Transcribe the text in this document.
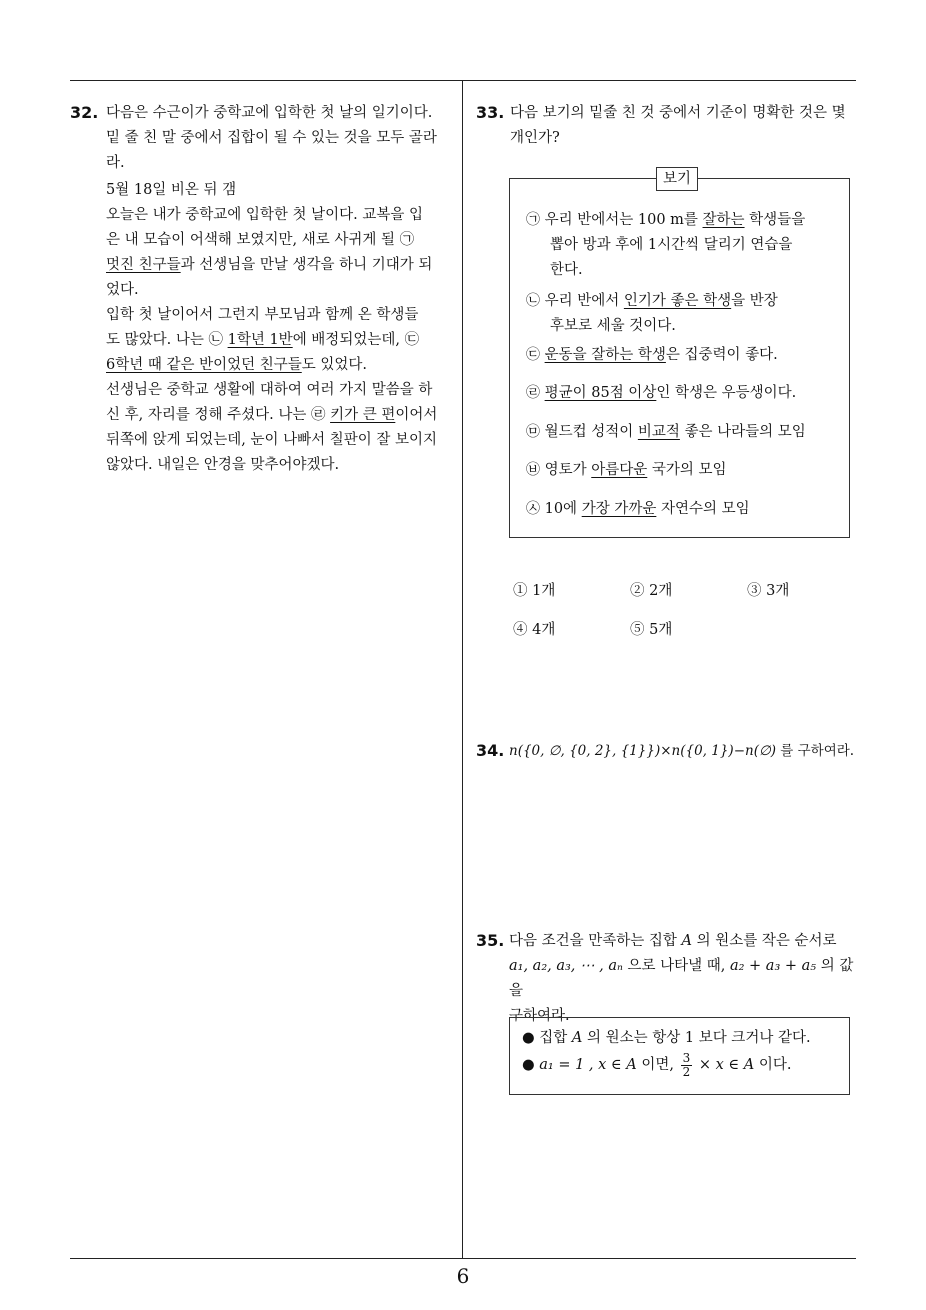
32. 다음은 수근이가 중학교에 입학한 첫 날의 일기이다.
밑 줄 친 말 중에서 집합이 될 수 있는 것을 모두 골라
라.
5월 18일 비온 뒤 갬
오늘은 내가 중학교에 입학한 첫 날이다. 교복을 입
은 내 모습이 어색해 보였지만, 새로 사귀게 될 ㉠
멋진 친구들과 선생님을 만날 생각을 하니 기대가 되
었다.
입학 첫 날이어서 그런지 부모님과 함께 온 학생들
도 많았다. 나는 ㉡ 1학년 1반에 배정되었는데, ㉢
6학년 때 같은 반이었던 친구들도 있었다.
선생님은 중학교 생활에 대하여 여러 가지 말씀을 하
신 후, 자리를 정해 주셨다. 나는 ㉣ 키가 큰 편이어서
뒤쪽에 앉게 되었는데, 눈이 나빠서 칠판이 잘 보이지
않았다. 내일은 안경을 맞추어야겠다.
33. 다음 보기의 밑줄 친 것 중에서 기준이 명확한 것은 몇
개인가?
보기
㉠ 우리 반에서는 100 m를 잘하는 학생들을
뽑아 방과 후에 1시간씩 달리기 연습을
한다.
㉡ 우리 반에서 인기가 좋은 학생을 반장
후보로 세울 것이다.
㉢ 운동을 잘하는 학생은 집중력이 좋다.
㉣ 평균이 85점 이상인 학생은 우등생이다.
㉤ 월드컵 성적이 비교적 좋은 나라들의 모임
㉥ 영토가 아름다운 국가의 모임
㉦ 10에 가장 가까운 자연수의 모임
① 1개	② 2개	③ 3개
④ 4개	⑤ 5개
34. n({0, ∅, {0, 2}, {1}})×n({0, 1})−n(∅) 를 구하여라.
35. 다음 조건을 만족하는 집합 A 의 원소를 작은 순서로
a₁, a₂, a₃, ⋯ , aₙ 으로 나타낼 때, a₂ + a₃ + a₅ 의 값을
구하여라.
● 집합 A 의 원소는 항상 1 보다 크거나 같다.
● a₁ = 1 , x ∈ A 이면, $\frac{3}{2} \times x$ ∈ A 이다.
6
